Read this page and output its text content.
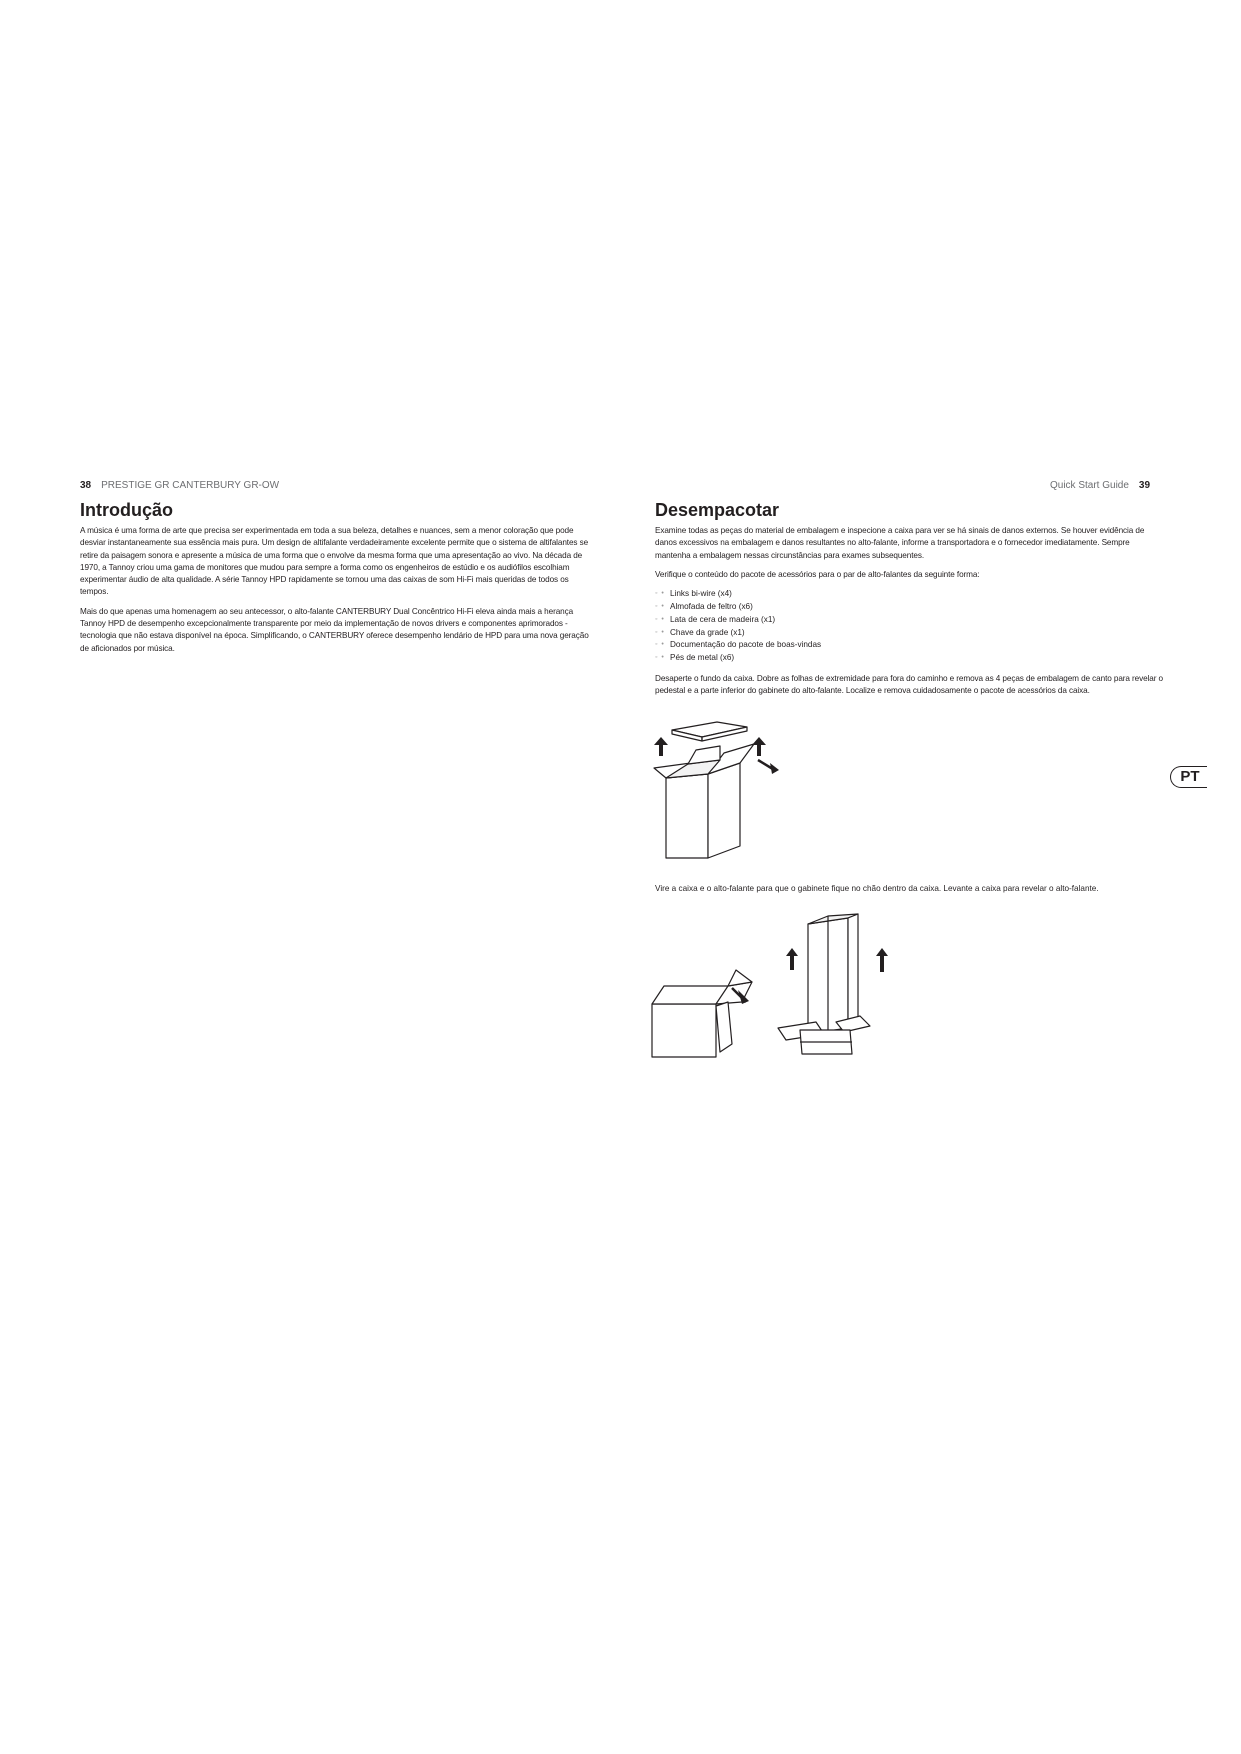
38 PRESTIGE GR CANTERBURY GR-OW	Quick Start Guide 39
Introdução

A música é uma forma de arte que precisa ser experimentada em toda a sua beleza, detalhes e nuances, sem a menor coloração que pode desviar instantaneamente sua essência mais pura. Um design de altifalante verdadeiramente excelente permite que o sistema de altifalantes se retire da paisagem sonora e apresente a música de uma forma que o envolve da mesma forma que uma apresentação ao vivo. Na década de 1970, a Tannoy criou uma gama de monitores que mudou para sempre a forma como os engenheiros de estúdio e os audiófilos escolhiam experimentar áudio de alta qualidade. A série Tannoy HPD rapidamente se tornou uma das caixas de som Hi-Fi mais queridas de todos os tempos.

Mais do que apenas uma homenagem ao seu antecessor, o alto-falante CANTERBURY Dual Concêntrico Hi-Fi eleva ainda mais a herança Tannoy HPD de desempenho excepcionalmente transparente por meio da implementação de novos drivers e componentes aprimorados - tecnologia que não estava disponível na época. Simplificando, o CANTERBURY oferece desempenho lendário de HPD para uma nova geração de aficionados por música.

Desempacotar

Examine todas as peças do material de embalagem e inspecione a caixa para ver se há sinais de danos externos. Se houver evidência de danos excessivos na embalagem e danos resultantes no alto-falante, informe a transportadora e o fornecedor imediatamente. Sempre mantenha a embalagem nessas circunstâncias para exames subsequentes.

Verifique o conteúdo do pacote de acessórios para o par de alto-falantes da seguinte forma:

◦ • Links bi-wire (x4)
◦ • Almofada de feltro (x6)
◦ • Lata de cera de madeira (x1)
◦ • Chave da grade (x1)
◦ • Documentação do pacote de boas-vindas
◦ • Pés de metal (x6)

Desaperte o fundo da caixa. Dobre as folhas de extremidade para fora do caminho e remova as 4 peças de embalagem de canto para revelar o pedestal e a parte inferior do gabinete do alto-falante. Localize e remova cuidadosamente o pacote de acessórios da caixa.

Vire a caixa e o alto-falante para que o gabinete fique no chão dentro da caixa. Levante a caixa para revelar o alto-falante.

PT
